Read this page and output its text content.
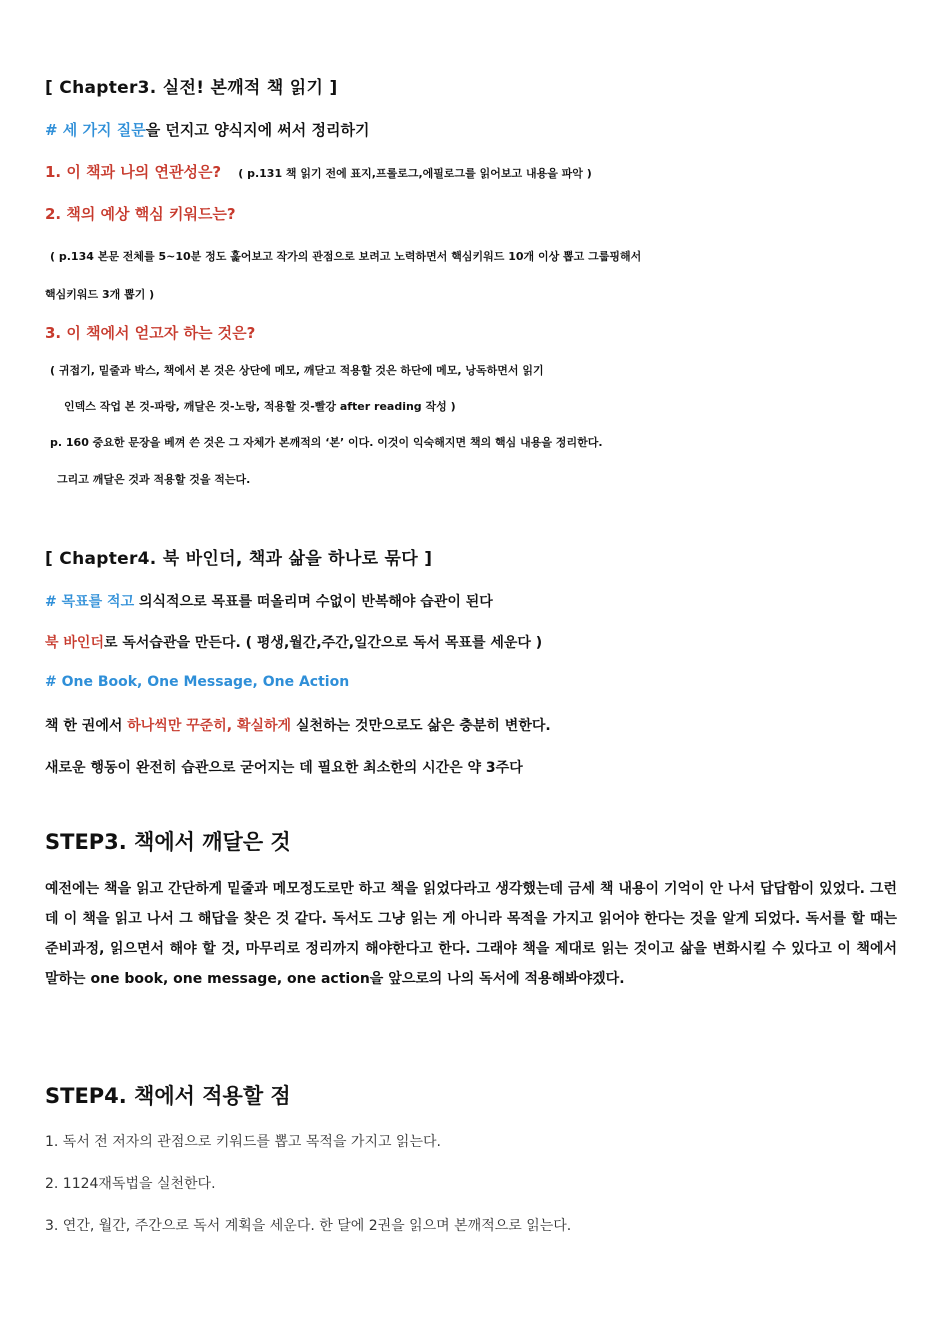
[ Chapter3. 실전! 본깨적 책 읽기 ]
# 세 가지 질문을 던지고 양식지에 써서 정리하기
1. 이 책과 나의 연관성은? ( p.131 책 읽기 전에 표지,프롤로그,에필로그를 읽어보고 내용을 파악 )
2. 책의 예상 핵심 키워드는?
( p.134 본문 전체를 5~10분 정도 훑어보고 작가의 관점으로 보려고 노력하면서 핵심키워드 10개 이상 뽑고 그룹핑해서
핵심키워드 3개 뽑기 )
3. 이 책에서 얻고자 하는 것은?
( 귀접기, 밑줄과 박스, 책에서 본 것은 상단에 메모, 깨닫고 적용할 것은 하단에 메모, 낭독하면서 읽기
인덱스 작업 본 것-파랑, 깨달은 것-노랑, 적용할 것-빨강 after reading 작성 )
p. 160 중요한 문장을 베껴 쓴 것은 그 자체가 본깨적의 ‘본’ 이다. 이것이 익숙해지면 책의 핵심 내용을 정리한다.
그리고 깨달은 것과 적용할 것을 적는다.
[ Chapter4. 북 바인더, 책과 삶을 하나로 묶다 ]
# 목표를 적고 의식적으로 목표를 떠올리며 수없이 반복해야 습관이 된다
북 바인더로 독서습관을 만든다. ( 평생,월간,주간,일간으로 독서 목표를 세운다 )
# One Book, One Message, One Action
책 한 권에서 하나씩만 꾸준히, 확실하게 실천하는 것만으로도 삶은 충분히 변한다.
새로운 행동이 완전히 습관으로 굳어지는 데 필요한 최소한의 시간은 약 3주다
STEP3. 책에서 깨달은 것
예전에는 책을 읽고 간단하게 밑줄과 메모정도로만 하고 책을 읽었다라고 생각했는데 금세 책 내용이 기억이 안 나서 답답함이 있었다. 그런데 이 책을 읽고 나서 그 해답을 찾은 것 같다. 독서도 그냥 읽는 게 아니라 목적을 가지고 읽어야 한다는 것을 알게 되었다. 독서를 할 때는 준비과정, 읽으면서 해야 할 것, 마무리로 정리까지 해야한다고 한다. 그래야 책을 제대로 읽는 것이고 삶을 변화시킬 수 있다고 이 책에서 말하는 one book, one message, one action을 앞으로의 나의 독서에 적용해봐야겠다.
STEP4. 책에서 적용할 점
1. 독서 전 저자의 관점으로 키워드를 뽑고 목적을 가지고 읽는다.
2. 1124재독법을 실천한다.
3. 연간, 월간, 주간으로 독서 계획을 세운다. 한 달에 2권을 읽으며 본깨적으로 읽는다.
